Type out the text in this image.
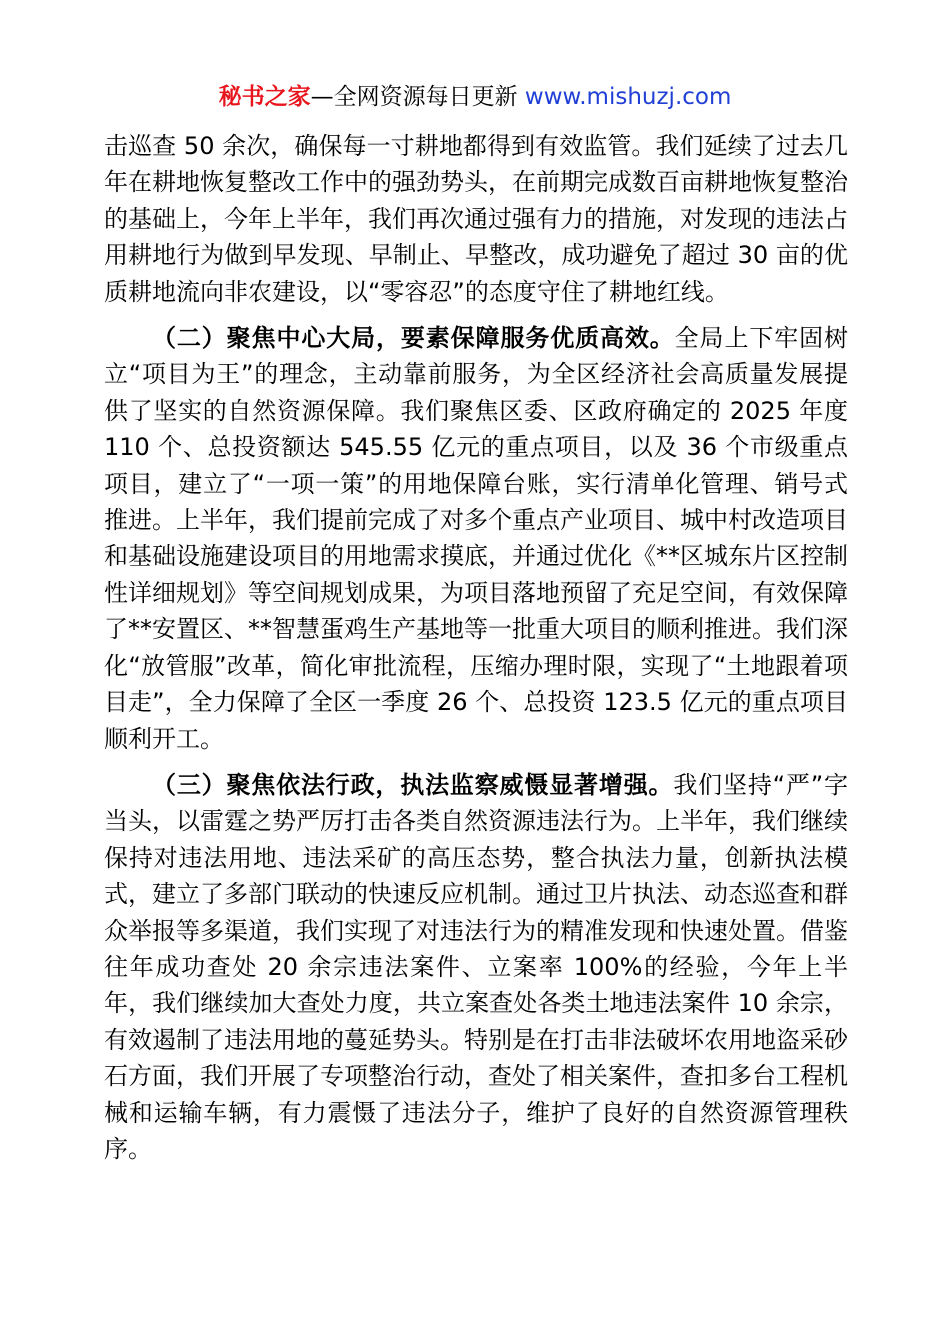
秘书之家—全网资源每日更新 www.mishuzj.com

击巡查 50 余次，确保每一寸耕地都得到有效监管。我们延续了过去几年在耕地恢复整改工作中的强劲势头，在前期完成数百亩耕地恢复整治的基础上，今年上半年，我们再次通过强有力的措施，对发现的违法占用耕地行为做到早发现、早制止、早整改，成功避免了超过 30 亩的优质耕地流向非农建设，以“零容忍”的态度守住了耕地红线。

（二）聚焦中心大局，要素保障服务优质高效。全局上下牢固树立“项目为王”的理念，主动靠前服务，为全区经济社会高质量发展提供了坚实的自然资源保障。我们聚焦区委、区政府确定的 2025 年度 110 个、总投资额达 545.55 亿元的重点项目，以及 36 个市级重点项目，建立了“一项一策”的用地保障台账，实行清单化管理、销号式推进。上半年，我们提前完成了对多个重点产业项目、城中村改造项目和基础设施建设项目的用地需求摸底，并通过优化《**区城东片区控制性详细规划》等空间规划成果，为项目落地预留了充足空间，有效保障了**安置区、**智慧蛋鸡生产基地等一批重大项目的顺利推进。我们深化“放管服”改革，简化审批流程，压缩办理时限，实现了“土地跟着项目走”，全力保障了全区一季度 26 个、总投资 123.5 亿元的重点项目顺利开工。

（三）聚焦依法行政，执法监察威慑显著增强。我们坚持“严”字当头，以雷霆之势严厉打击各类自然资源违法行为。上半年，我们继续保持对违法用地、违法采矿的高压态势，整合执法力量，创新执法模式，建立了多部门联动的快速反应机制。通过卫片执法、动态巡查和群众举报等多渠道，我们实现了对违法行为的精准发现和快速处置。借鉴往年成功查处 20 余宗违法案件、立案率 100%的经验，今年上半年，我们继续加大查处力度，共立案查处各类土地违法案件 10 余宗，有效遏制了违法用地的蔓延势头。特别是在打击非法破坏农用地盗采砂石方面，我们开展了专项整治行动，查处了相关案件，查扣多台工程机械和运输车辆，有力震慑了违法分子，维护了良好的自然资源管理秩序。
